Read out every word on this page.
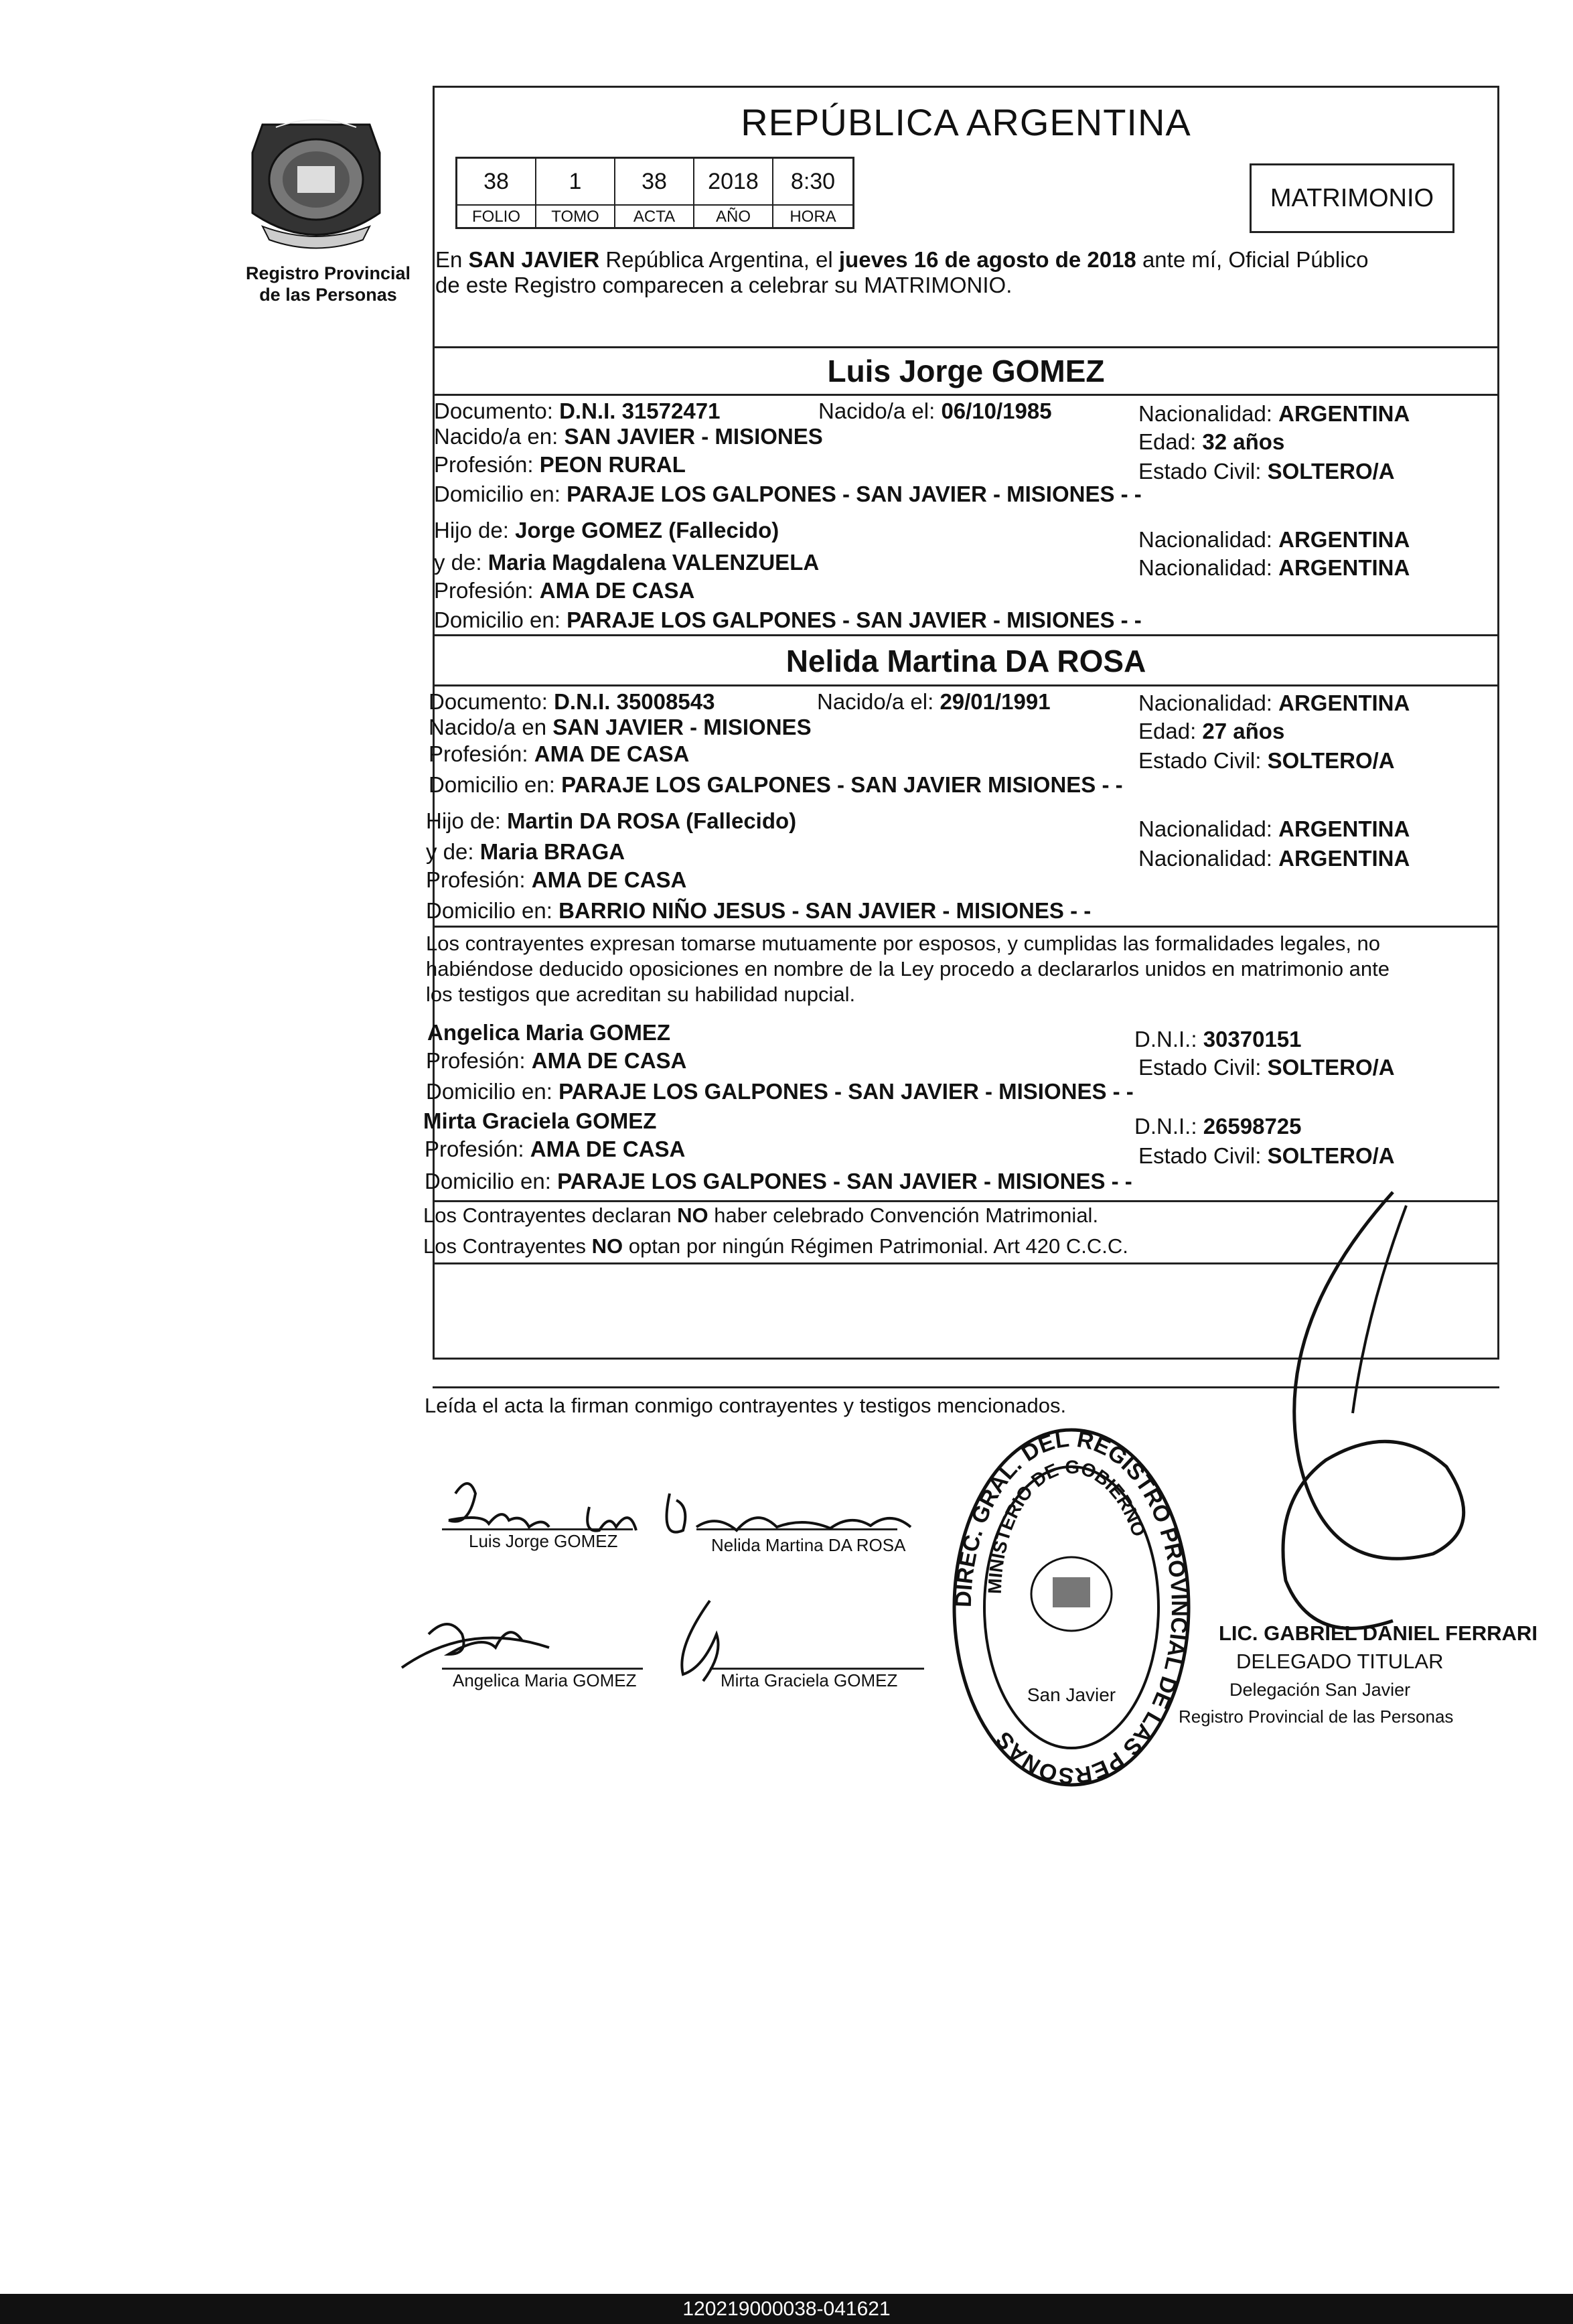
Registro Provincial
de las Personas
REPÚBLICA ARGENTINA
38	1	38	2018	8:30
FOLIO	TOMO	ACTA	AÑO	HORA
MATRIMONIO
En SAN JAVIER República Argentina, el jueves 16 de agosto de 2018 ante mí, Oficial Público
de este Registro comparecen a celebrar su MATRIMONIO.
Luis Jorge GOMEZ
Documento: D.N.I. 31572471	Nacido/a el: 06/10/1985	Nacionalidad: ARGENTINA
Nacido/a en: SAN JAVIER - MISIONES	Edad: 32 años
Profesión: PEON RURAL	Estado Civil: SOLTERO/A
Domicilio en: PARAJE LOS GALPONES - SAN JAVIER - MISIONES - -
Hijo de: Jorge GOMEZ (Fallecido)	Nacionalidad: ARGENTINA
y de: Maria Magdalena VALENZUELA	Nacionalidad: ARGENTINA
Profesión: AMA DE CASA
Domicilio en: PARAJE LOS GALPONES - SAN JAVIER - MISIONES - -
Nelida Martina DA ROSA
Documento: D.N.I. 35008543	Nacido/a el: 29/01/1991	Nacionalidad: ARGENTINA
Nacido/a en SAN JAVIER - MISIONES	Edad: 27 años
Profesión: AMA DE CASA	Estado Civil: SOLTERO/A
Domicilio en: PARAJE LOS GALPONES - SAN JAVIER MISIONES - -
Hijo de: Martin DA ROSA (Fallecido)	Nacionalidad: ARGENTINA
y de: Maria BRAGA	Nacionalidad: ARGENTINA
Profesión: AMA DE CASA
Domicilio en: BARRIO NIÑO JESUS - SAN JAVIER - MISIONES - -
Los contrayentes expresan tomarse mutuamente por esposos, y cumplidas las formalidades legales, no
habiéndose deducido oposiciones en nombre de la Ley procedo a declararlos unidos en matrimonio ante
los testigos que acreditan su habilidad nupcial.
Angelica Maria GOMEZ	D.N.I.: 30370151
Profesión: AMA DE CASA	Estado Civil: SOLTERO/A
Domicilio en: PARAJE LOS GALPONES - SAN JAVIER - MISIONES - -
Mirta Graciela GOMEZ	D.N.I.: 26598725
Profesión: AMA DE CASA	Estado Civil: SOLTERO/A
Domicilio en: PARAJE LOS GALPONES - SAN JAVIER - MISIONES - -
Los Contrayentes declaran NO haber celebrado Convención Matrimonial.
Los Contrayentes NO optan por ningún Régimen Patrimonial. Art 420 C.C.C.
Leída el acta la firman conmigo contrayentes y testigos mencionados.
Luis Jorge GOMEZ	Nelida Martina DA ROSA
Angelica Maria GOMEZ	Mirta Graciela GOMEZ
DIREC. GRAL. DEL REGISTRO PROVINCIAL DE LAS PERSONAS
MINISTERIO DE GOBIERNO
San Javier
LIC. GABRIEL DANIEL FERRARI
DELEGADO TITULAR
Delegación San Javier
Registro Provincial de las Personas
120219000038-041621
